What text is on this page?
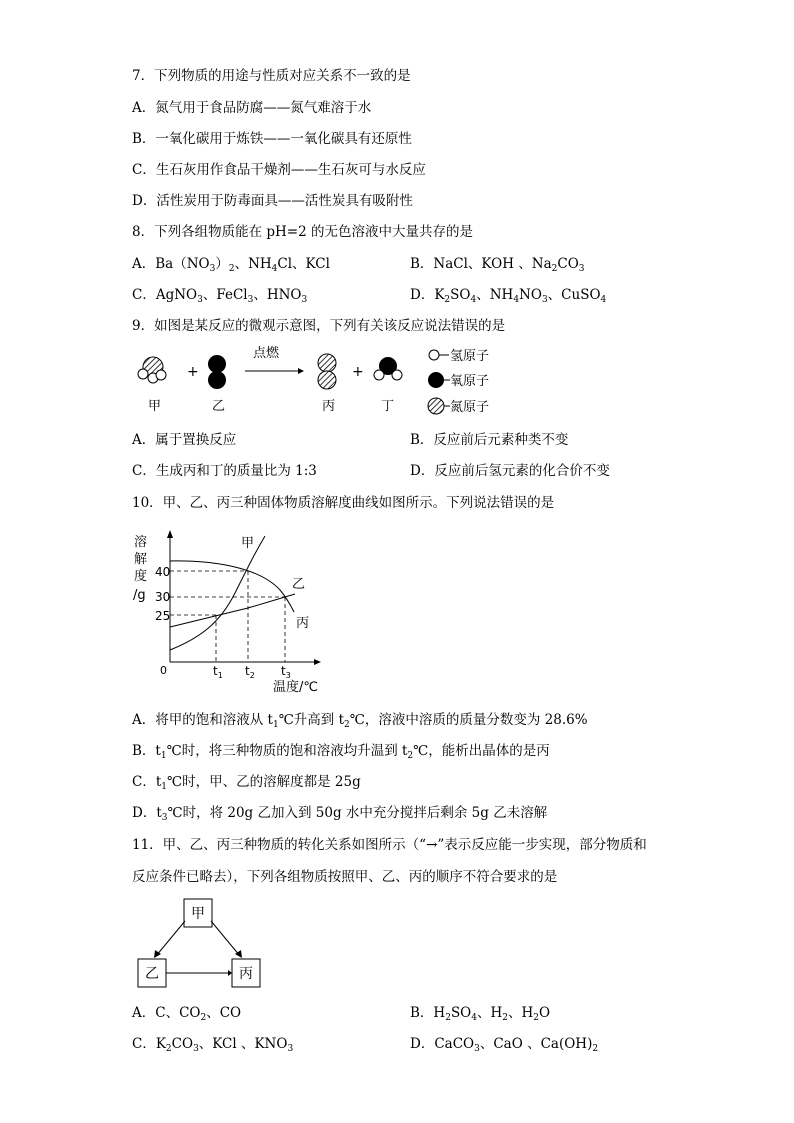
7．下列物质的用途与性质对应关系不一致的是
A．氮气用于食品防腐——氮气难溶于水
B．一氧化碳用于炼铁——一氧化碳具有还原性
C．生石灰用作食品干燥剂——生石灰可与水反应
D．活性炭用于防毒面具——活性炭具有吸附性
8．下列各组物质能在 pH=2 的无色溶液中大量共存的是
A．$Ba(NO_3)_2$、$NH_4Cl$、KCl	B．NaCl、KOH 、$Na_2CO_3$
C．AgNO$_3$、FeCl$_3$、$HNO_3$	D．$K_2SO_4$、$NH_4NO_3$、CuSO$_4$
9．如图是某反应的微观示意图，下列有关该反应说法错误的是
+
点燃
+
甲	乙	丙	丁
氢原子
氧原子
氮原子
A．属于置换反应	B．反应前后元素种类不变
C．生成丙和丁的质量比为 1:3	D．反应前后氢元素的化合价不变
10．甲、乙、丙三种固体物质溶解度曲线如图所示。下列说法错误的是
溶
解
度
/g
40
30
25
0
甲
乙
丙
$t_1$ $t_2$ $t_3$
温度/℃
A．将甲的饱和溶液从 $t_1℃$升高到 $t_2℃$，溶液中溶质的质量分数变为 28.6%
B．$t_1℃$时，将三种物质的饱和溶液均升温到 $t_2℃$，能析出晶体的是丙
C．$t_1℃$时，甲、乙的溶解度都是 25g
D．$t_3℃$时，将 20g 乙加入到 50g 水中充分搅拌后剩余 5g 乙未溶解
11．甲、乙、丙三种物质的转化关系如图所示（“→”表示反应能一步实现，部分物质和
反应条件已略去），下列各组物质按照甲、乙、丙的顺序不符合要求的是
甲
乙	丙
A．C、$CO_2$、CO	B．$H_2SO_4$、$H_2$、$H_2O$
C．$K_2CO_3$、KCl 、$KNO_3$	D．CaCO$_3$、CaO 、$Ca(OH)_2$
